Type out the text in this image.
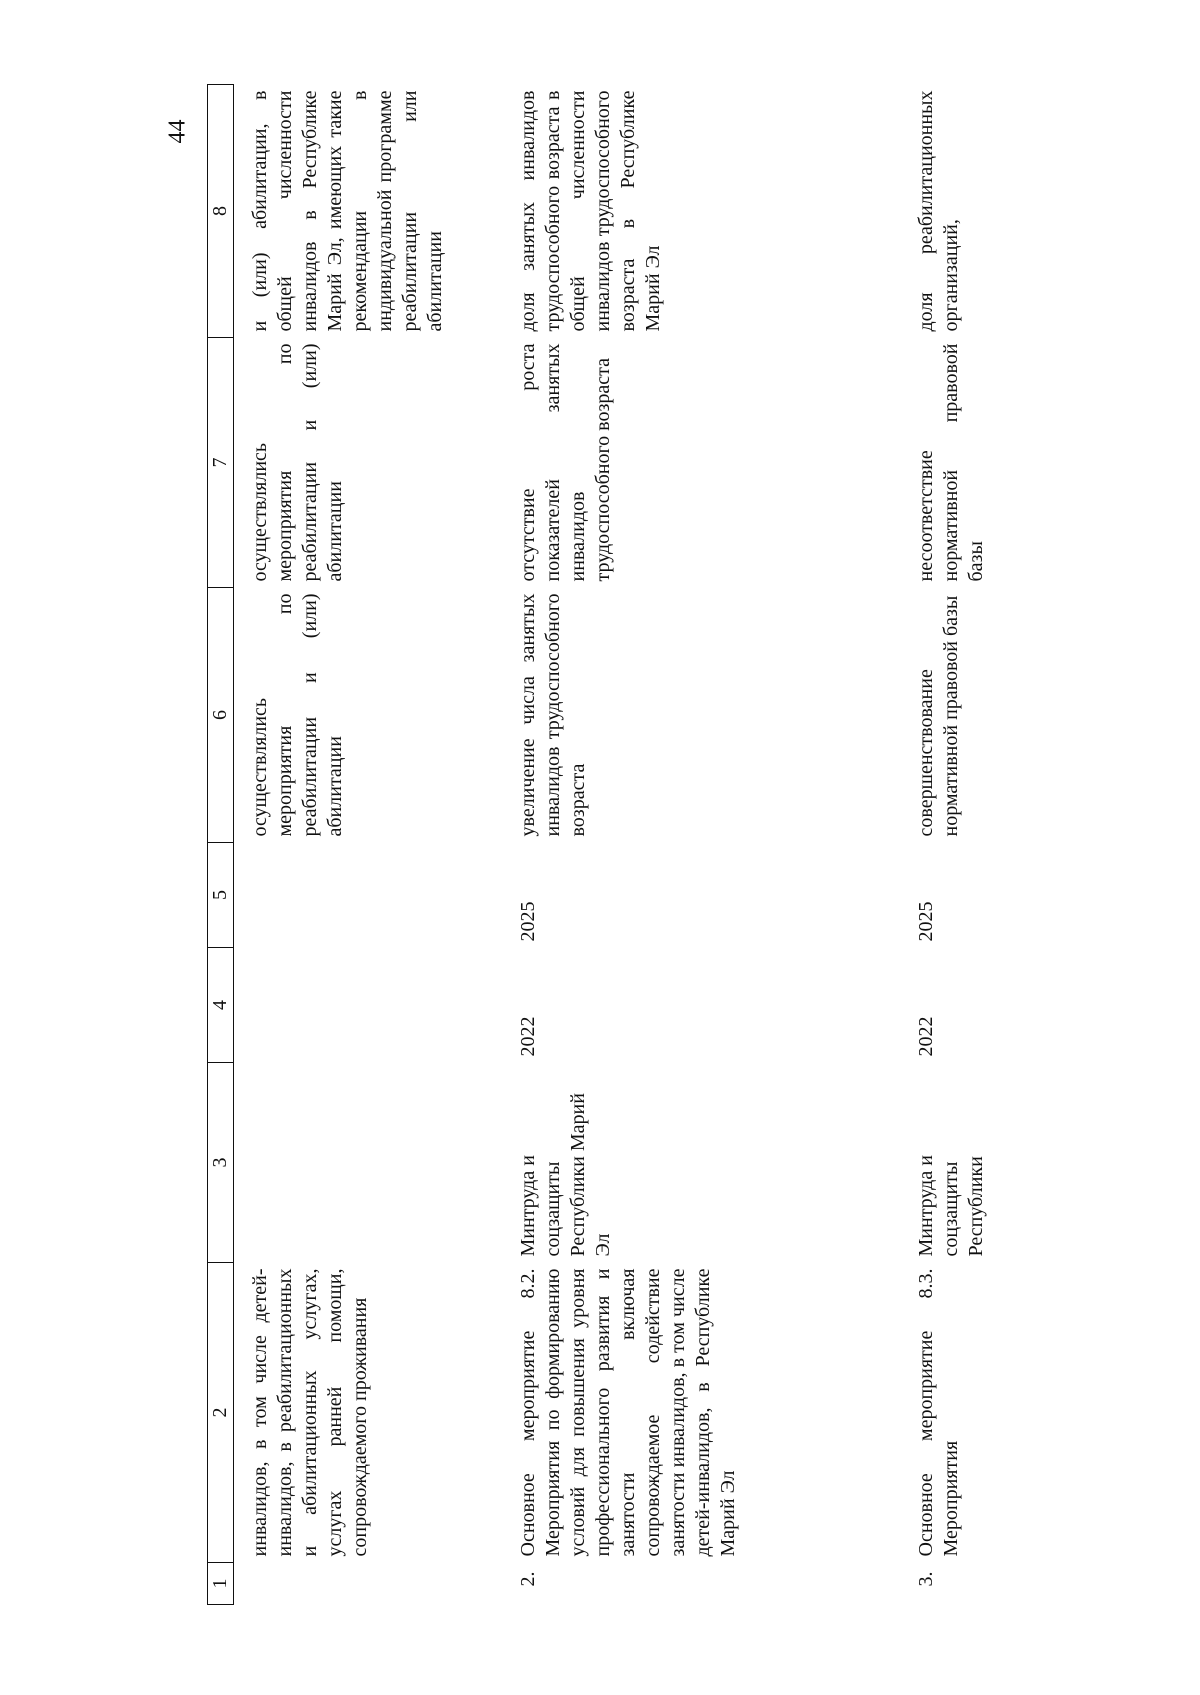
44
1	2	3	4	5	6	7	8
	инвалидов, в том числе детей-инвалидов, в реабилитационных и абилитационных услугах, услугах ранней помощи, сопровождаемого проживания				осуществлялись мероприятия по реабилитации и (или) абилитации	осуществлялись мероприятия по реабилитации и (или) абилитации	и (или) абилитации, в общей численности инвалидов в Республике Марий Эл, имеющих такие рекомендации в индивидуальной программе реабилитации или абилитации
2.	Основное мероприятие 8.2. Мероприятия по формированию условий для повышения уровня профессионального развития и занятости включая сопровождаемое содействие занятости инвалидов, в том числе детей-инвалидов, в Республике Марий Эл	Минтруда и соцзащиты Республики Марий Эл	2022	2025	увеличение числа занятых инвалидов трудоспособного возраста	отсутствие роста показателей занятых инвалидов трудоспособного возраста	доля занятых инвалидов трудоспособного возраста в общей численности инвалидов трудоспособного возраста в Республике Марий Эл
3.	Основное мероприятие 8.3. Мероприятия	Минтруда и соцзащиты Республики	2022	2025	совершенствование нормативной правовой базы	несоответствие нормативной правовой базы	доля реабилитационных организаций,
